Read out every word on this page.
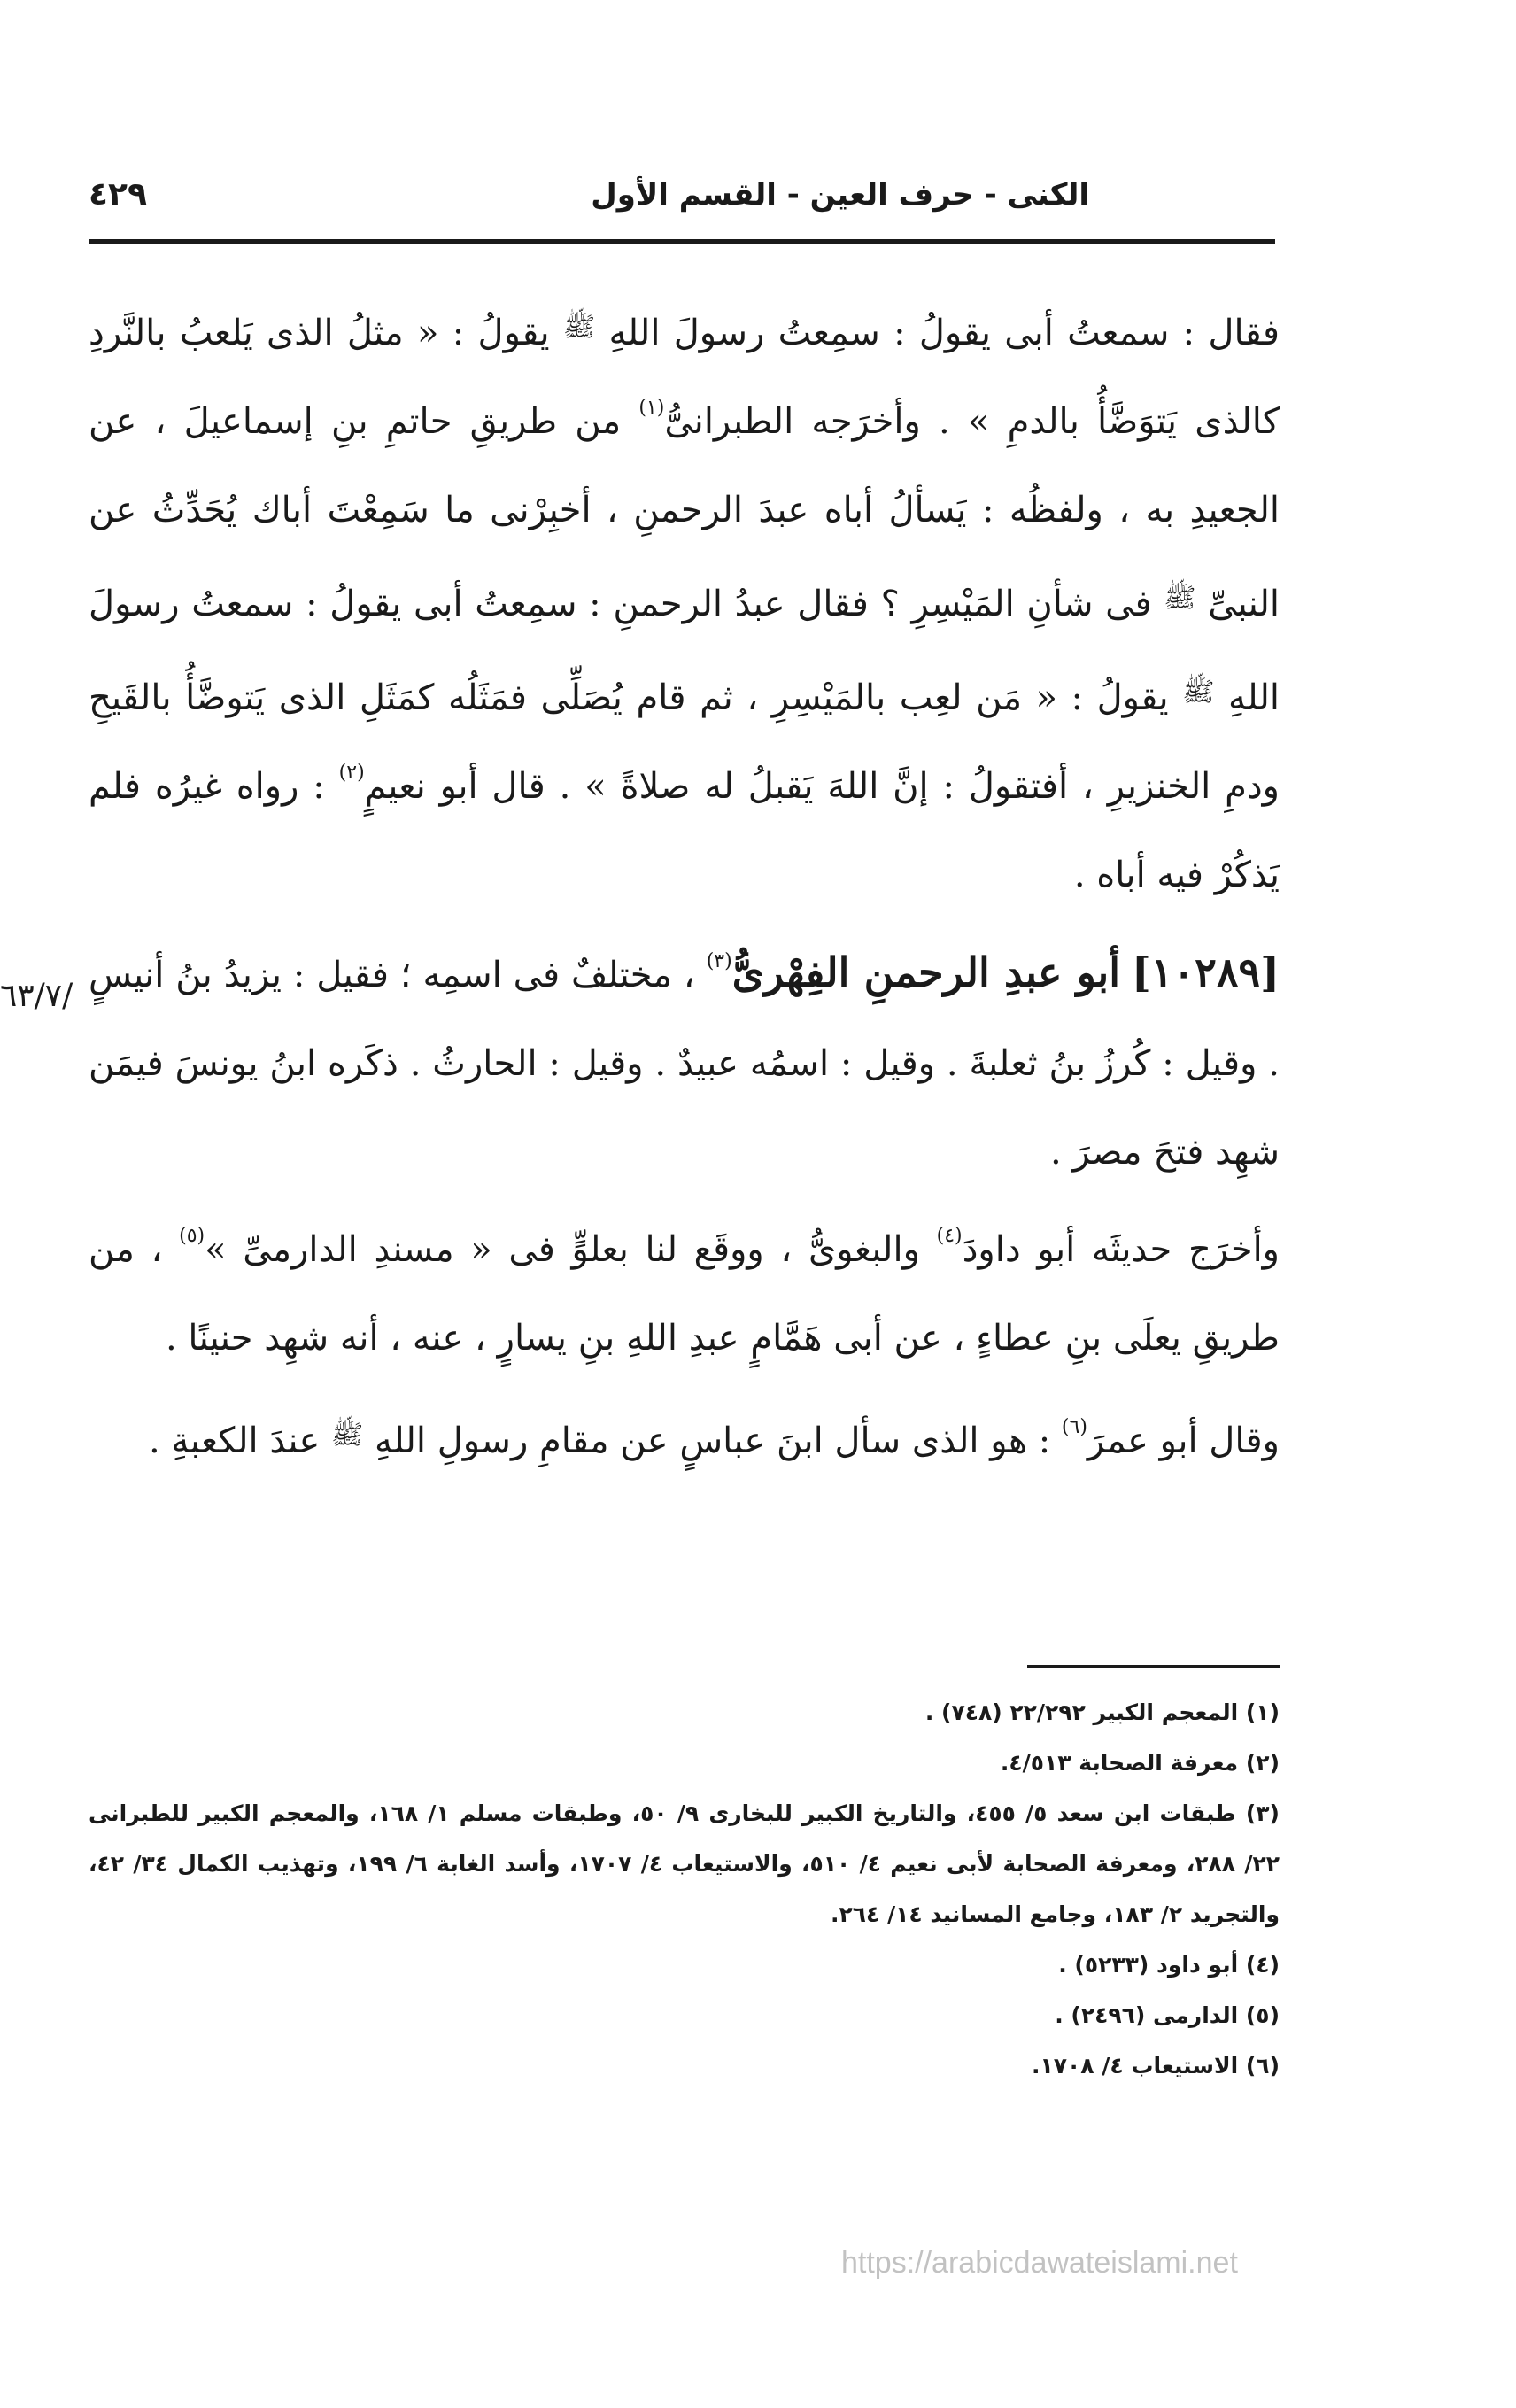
الكنى - حرف العين - القسم الأول
٤٢٩

فقال : سمعتُ أبى يقولُ : سمِعتُ رسولَ اللهِ $^ﷺ$ يقولُ : « مثلُ الذى يَلعبُ بالنَّردِ كالذى يَتوَضَّأُ بالدمِ » . وأخرَجه الطبرانىُّ$^{(١)}$ من طريقِ حاتمِ بنِ إسماعيلَ ، عن الجعيدِ به ، ولفظُه : يَسألُ أباه عبدَ الرحمنِ ، أخبِرْنى ما سَمِعْتَ أباك يُحَدِّثُ عن النبىِّ $^ﷺ$ فى شأنِ المَيْسِرِ ؟ فقال عبدُ الرحمنِ : سمِعتُ أبى يقولُ : سمعتُ رسولَ اللهِ $^ﷺ$ يقولُ : « مَن لعِب بالمَيْسِرِ ، ثم قام يُصَلِّى فمَثَلُه كمَثَلِ الذى يَتوضَّأُ بالقَيحِ ودمِ الخنزيرِ ، أفتقولُ : إنَّ اللهَ يَقبلُ له صلاةً » . قال أبو نعيمٍ$^{(٢)}$ : رواه غيرُه فلم يَذكُرْ فيه أباه .

[١٠٢٨٩] أبو عبدِ الرحمنِ الفِهْرىُّ$^{(٣)}$ ، مختلفٌ فى اسمِه ؛ فقيل : يزيدُ بنُ أنيسٍ . وقيل : كُرزُ بنُ ثعلبةَ . وقيل : اسمُه عبيدٌ . وقيل : الحارثُ . ذكَره ابنُ يونسَ فيمَن شهِد فتحَ مصرَ .

وأخرَج حديثَه أبو داودَ$^{(٤)}$ والبغوىُّ ، ووقَع لنا بعلوٍّ فى « مسندِ الدارمىِّ »$^{(٥)}$ ، من طريقِ يعلَى بنِ عطاءٍ ، عن أبى هَمَّامٍ عبدِ اللهِ بنِ يسارٍ ، عنه ، أنه شهِد حنينًا .

وقال أبو عمرَ$^{(٦)}$ : هو الذى سأل ابنَ عباسٍ عن مقامِ رسولِ اللهِ $^ﷺ$ عندَ الكعبةِ .

/٦٣/٧

(١) المعجم الكبير ٢٢/٢٩٢ (٧٤٨) .

(٢) معرفة الصحابة ٤/٥١٣.

(٣) طبقات ابن سعد ٥/ ٤٥٥، والتاريخ الكبير للبخارى ٩/ ٥٠، وطبقات مسلم ١/ ١٦٨، والمعجم الكبير للطبرانى ٢٢/ ٢٨٨، ومعرفة الصحابة لأبى نعيم ٤/ ٥١٠، والاستيعاب ٤/ ١٧٠٧، وأسد الغابة ٦/ ١٩٩، وتهذيب الكمال ٣٤/ ٤٢، والتجريد ٢/ ١٨٣، وجامع المسانيد ١٤/ ٢٦٤.

(٤) أبو داود (٥٢٣٣) .

(٥) الدارمى (٢٤٩٦) .

(٦) الاستيعاب ٤/ ١٧٠٨.

https://arabicdawateislami.net
